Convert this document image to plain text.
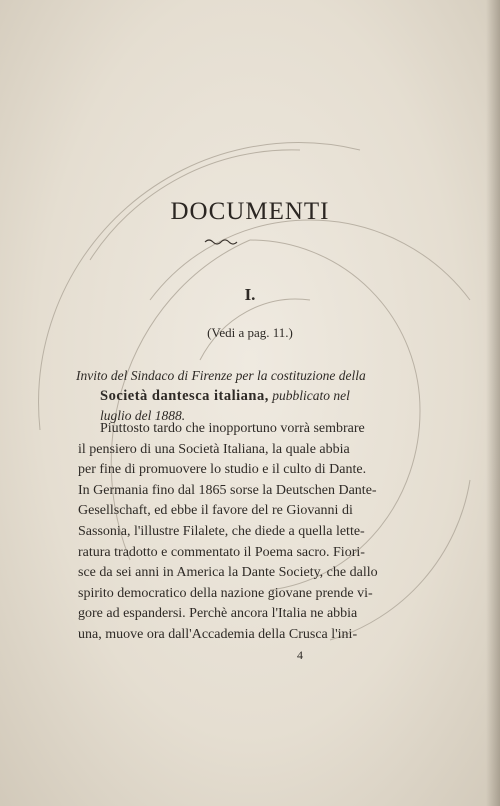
DOCUMENTI
I.
(Vedi a pag. 11.)
Invito del Sindaco di Firenze per la costituzione della
Società dantesca italiana, pubblicato nel
luglio del 1888.
Piuttosto tardo che inopportuno vorrà sembrare
il pensiero di una Società Italiana, la quale abbia
per fine di promuovere lo studio e il culto di Dante.
In Germania fino dal 1865 sorse la Deutschen Dante-
Gesellschaft, ed ebbe il favore del re Giovanni di
Sassonia, l'illustre Filalete, che diede a quella lette-
ratura tradotto e commentato il Poema sacro. Fiori-
sce da sei anni in America la Dante Society, che dallo
spirito democratico della nazione giovane prende vi-
gore ad espandersi. Perchè ancora l'Italia ne abbia
una, muove ora dall'Accademia della Crusca l'ini-
4
